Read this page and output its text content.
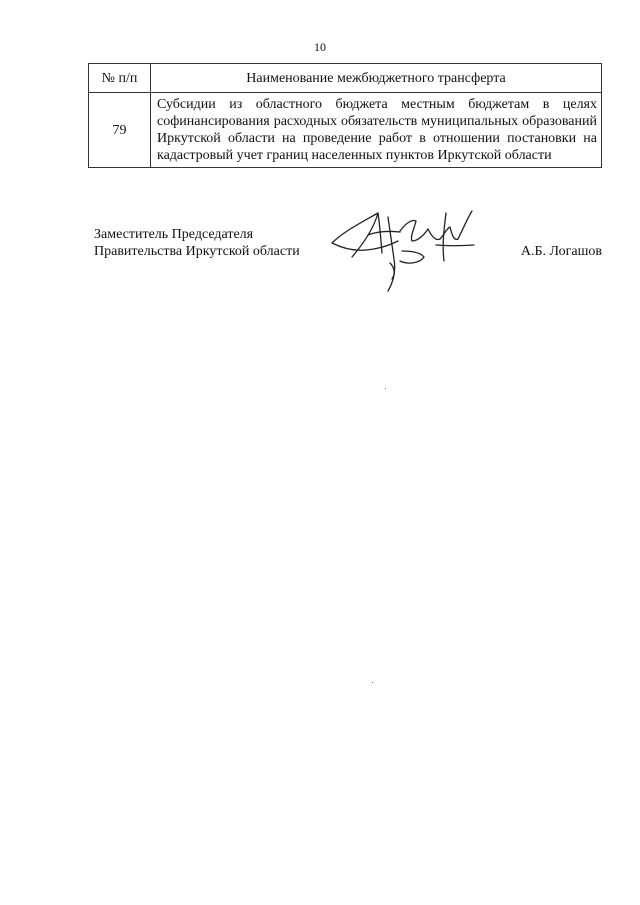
10
№ п/п	Наименование межбюджетного трансферта
79	Субсидии из областного бюджета местным бюджетам в целях софинансирования расходных обязательств муниципальных образований Иркутской области на проведение работ в отношении постановки на кадастровый учет границ населенных пунктов Иркутской области
Заместитель Председателя
Правительства Иркутской области	А.Б. Логашов
